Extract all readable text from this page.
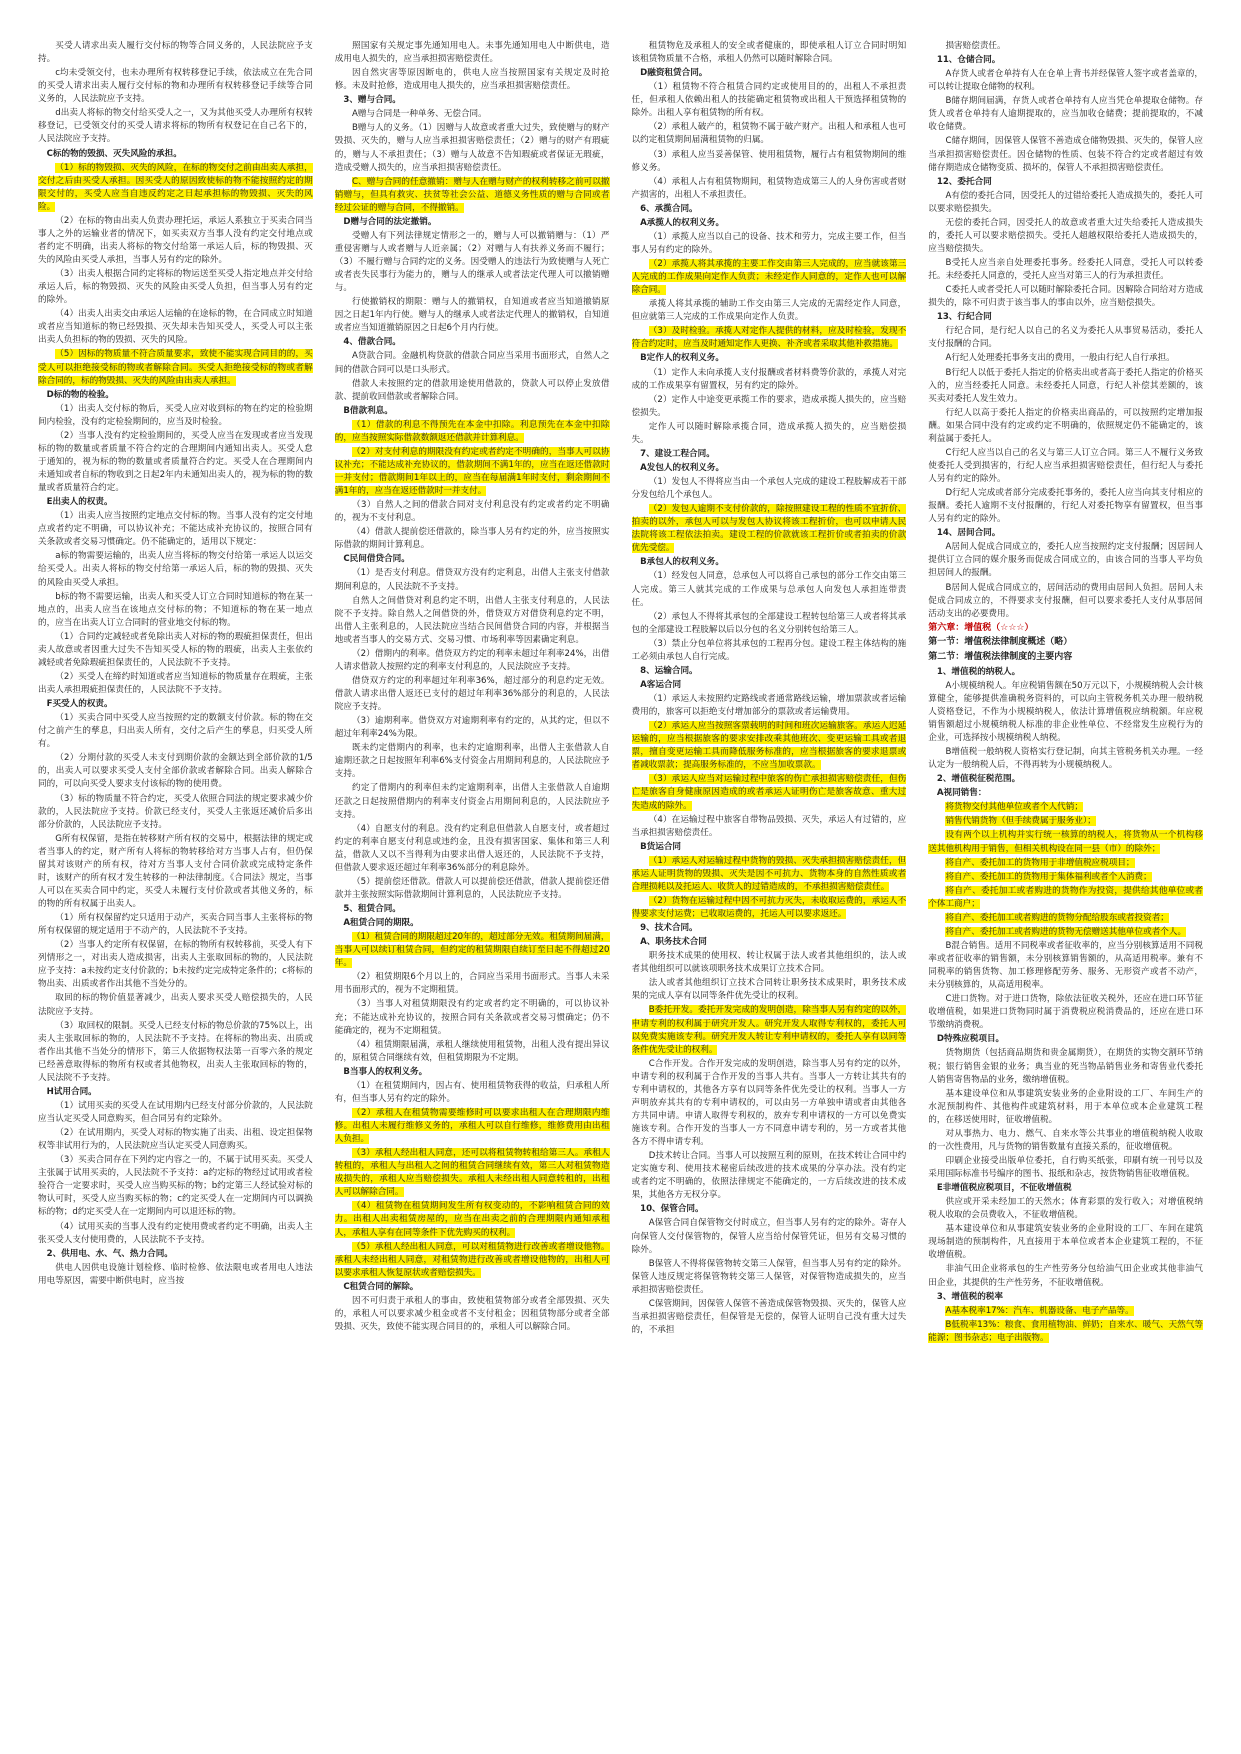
买受人请求出卖人履行交付标的物等合同义务的，人民法院应予支持。

c均未受领交付，也未办理所有权转移登记手续，依法成立在先合同的买受人请求出卖人履行交付标的物和办理所有权转移登记手续等合同义务的，人民法院应予支持。

d出卖人将标的物交付给买受人之一，又为其他买受人办理所有权转移登记，已受领交付的买受人请求将标的物所有权登记在自己名下的，人民法院应予支持。

C标的物的毁损、灭失风险的承担。

（1）标的物毁损、灭失的风险，在标的物交付之前由出卖人承担，交付之后由买受人承担。因买受人的原因致使标的物不能按照约定的期限交付的，买受人应当自违反约定之日起承担标的物毁损、灭失的风险。

（2）在标的物由出卖人负责办理托运，承运人系独立于买卖合同当事人之外的运输业者的情况下，如买卖双方当事人没有约定交付地点或者约定不明确，出卖人将标的物交付给第一承运人后，标的物毁损、灭失的风险由买受人承担，当事人另有约定的除外。

（3）出卖人根据合同约定将标的物运送至买受人指定地点并交付给承运人后，标的物毁损、灭失的风险由买受人负担，但当事人另有约定的除外。

（4）出卖人出卖交由承运人运输的在途标的物，在合同成立时知道或者应当知道标的物已经毁损、灭失却未告知买受人，买受人可以主张出卖人负担标的物的毁损、灭失的风险。

（5）因标的物质量不符合质量要求，致使不能实现合同目的的，买受人可以拒绝接受标的物或者解除合同。买受人拒绝接受标的物或者解除合同的，标的物毁损、灭失的风险由出卖人承担。

D标的物的检验。

（1）出卖人交付标的物后，买受人应对收到标的物在约定的检验期间内检验，没有约定检验期间的，应当及时检验。

（2）当事人没有约定检验期间的，买受人应当在发现或者应当发现标的物的数量或者质量不符合约定的合理期间内通知出卖人。买受人怠于通知的，视为标的物的数量或者质量符合约定。买受人在合理期间内未通知或者自标的物收到之日起2年内未通知出卖人的，视为标的物的数量或者质量符合约定。

E出卖人的权责。

（1）出卖人应当按照约定地点交付标的物。当事人没有约定交付地点或者约定不明确，可以协议补充；不能达成补充协议的，按照合同有关条款或者交易习惯确定。仍不能确定的，适用以下规定：

a标的物需要运输的，出卖人应当将标的物交付给第一承运人以运交给买受人。出卖人将标的物交付给第一承运人后，标的物的毁损、灭失的风险由买受人承担。

b标的物不需要运输，出卖人和买受人订立合同时知道标的物在某一地点的，出卖人应当在该地点交付标的物；不知道标的物在某一地点的，应当在出卖人订立合同时的营业地交付标的物。

（1）合同约定减轻或者免除出卖人对标的物的瑕疵担保责任，但出卖人故意或者因重大过失不告知买受人标的物的瑕疵，出卖人主张依约减轻或者免除瑕疵担保责任的，人民法院不予支持。

（2）买受人在缔约时知道或者应当知道标的物质量存在瑕疵，主张出卖人承担瑕疵担保责任的，人民法院不予支持。

F买受人的权责。

（1）买卖合同中买受人应当按照约定的数额支付价款。标的物在交付之前产生的孳息，归出卖人所有，交付之后产生的孳息，归买受人所有。

（2）分期付款的买受人未支付到期价款的金额达到全部价款的1/5的，出卖人可以要求买受人支付全部价款或者解除合同。出卖人解除合同的，可以向买受人要求支付该标的物的使用费。

（3）标的物质量不符合约定，买受人依照合同法的规定要求减少价款的，人民法院应予支持。价款已经支付，买受人主张返还减价后多出部分价款的，人民法院应予支持。

G所有权保留，是指在转移财产所有权的交易中，根据法律的规定或者当事人的约定，财产所有人将标的物转移给对方当事人占有，但仍保留其对该财产的所有权，待对方当事人支付合同价款或完成特定条件时，该财产的所有权才发生转移的一种法律制度。《合同法》规定，当事人可以在买卖合同中约定，买受人未履行支付价款或者其他义务的，标的物的所有权属于出卖人。

（1）所有权保留约定只适用于动产，买卖合同当事人主张将标的物所有权保留的规定适用于不动产的，人民法院不予支持。

（2）当事人约定所有权保留，在标的物所有权转移前，买受人有下列情形之一，对出卖人造成损害，出卖人主张取回标的物的，人民法院应予支持：a未按约定支付价款的；b未按约定完成特定条件的；c将标的物出卖、出质或者作出其他不当处分的。

取回的标的物价值显著减少，出卖人要求买受人赔偿损失的，人民法院应予支持。

（3）取回权的限制。买受人已经支付标的物总价款的75%以上，出卖人主张取回标的物的，人民法院不予支持。在将标的物出卖、出质或者作出其他不当处分的情形下，第三人依据物权法第一百零六条的规定已经善意取得标的物所有权或者其他物权，出卖人主张取回标的物的，人民法院不予支持。

H试用合同。

（1）试用买卖的买受人在试用期内已经支付部分价款的，人民法院应当认定买受人同意购买，但合同另有约定除外。

（2）在试用期内，买受人对标的物实施了出卖、出租、设定担保物权等非试用行为的，人民法院应当认定买受人同意购买。

（3）买卖合同存在下列约定内容之一的，不属于试用买卖。买受人主张属于试用买卖的，人民法院不予支持：a约定标的物经过试用或者检验符合一定要求时，买受人应当购买标的物；b约定第三人经试验对标的物认可时，买受人应当购买标的物；c约定买受人在一定期间内可以调换标的物；d约定买受人在一定期间内可以退还标的物。

（4）试用买卖的当事人没有约定使用费或者约定不明确，出卖人主张买受人支付使用费的，人民法院不予支持。

2、供用电、水、气、热力合同。

供电人因供电设施计划检修、临时检修、依法限电或者用电人违法用电等原因，需要中断供电时，应当按

照国家有关规定事先通知用电人。未事先通知用电人中断供电，造成用电人损失的，应当承担损害赔偿责任。

因自然灾害等原因断电的，供电人应当按照国家有关规定及时抢修。未及时抢修，造成用电人损失的，应当承担损害赔偿责任。

3、赠与合同。

A赠与合同是一种单务、无偿合同。

B赠与人的义务。（1）因赠与人故意或者重大过失，致使赠与的财产毁损、灭失的，赠与人应当承担损害赔偿责任；（2）赠与的财产有瑕疵的，赠与人不承担责任；（3）赠与人故意不告知瑕疵或者保证无瑕疵，造成受赠人损失的，应当承担损害赔偿责任。

C、赠与合同的任意撤销：赠与人在赠与财产的权利转移之前可以撤销赠与，但具有救灾、扶贫等社会公益、道德义务性质的赠与合同或者经过公证的赠与合同，不得撤销。

D赠与合同的法定撤销。

受赠人有下列法律规定情形之一的，赠与人可以撤销赠与：（1）严重侵害赠与人或者赠与人近亲属；（2）对赠与人有扶养义务而不履行；（3）不履行赠与合同约定的义务。因受赠人的违法行为致使赠与人死亡或者丧失民事行为能力的，赠与人的继承人或者法定代理人可以撤销赠与。

行使撤销权的期限：赠与人的撤销权，自知道或者应当知道撤销原因之日起1年内行使。赠与人的继承人或者法定代理人的撤销权，自知道或者应当知道撤销原因之日起6个月内行使。

4、借款合同。

A贷款合同。金融机构贷款的借款合同应当采用书面形式，自然人之间的借款合同可以是口头形式。

借款人未按照约定的借款用途使用借款的，贷款人可以停止发放借款、提前收回借款或者解除合同。

B借款利息。

（1）借款的利息不得预先在本金中扣除。利息预先在本金中扣除的，应当按照实际借款数额返还借款并计算利息。

（2）对支付利息的期限没有约定或者约定不明确的，当事人可以协议补充；不能达成补充协议的，借款期间不满1年的，应当在返还借款时一并支付；借款期间1年以上的，应当在每届满1年时支付，剩余期间不满1年的，应当在返还借款时一并支付。

（3）自然人之间的借款合同对支付利息没有约定或者约定不明确的，视为不支付利息。

（4）借款人提前偿还借款的，除当事人另有约定的外，应当按照实际借款的期间计算利息。

C民间借贷合同。

（1）是否支付利息。借贷双方没有约定利息，出借人主张支付借款期间利息的，人民法院不予支持。

自然人之间借贷对利息约定不明，出借人主张支付利息的，人民法院不予支持。除自然人之间借贷的外，借贷双方对借贷利息约定不明，出借人主张利息的，人民法院应当结合民间借贷合同的内容，并根据当地或者当事人的交易方式、交易习惯、市场利率等因素确定利息。

（2）借期内的利率。借贷双方约定的利率未超过年利率24%，出借人请求借款人按照约定的利率支付利息的，人民法院应予支持。

借贷双方约定的利率超过年利率36%，超过部分的利息约定无效。借款人请求出借人返还已支付的超过年利率36%部分的利息的，人民法院应予支持。

（3）逾期利率。借贷双方对逾期利率有约定的，从其约定，但以不超过年利率24%为限。

既未约定借期内的利率，也未约定逾期利率，出借人主张借款人自逾期还款之日起按照年利率6%支付资金占用期间利息的，人民法院应予支持。

约定了借期内的利率但未约定逾期利率，出借人主张借款人自逾期还款之日起按照借期内的利率支付资金占用期间利息的，人民法院应予支持。

（4）自愿支付的利息。没有约定利息但借款人自愿支付，或者超过约定的利率自愿支付利息或违约金，且没有损害国家、集体和第三人利益，借款人又以不当得利为由要求出借人返还的，人民法院不予支持，但借款人要求返还超过年利率36%部分的利息除外。

（5）提前偿还借款。借款人可以提前偿还借款，借款人提前偿还借款并主张按照实际借款期间计算利息的，人民法院应予支持。

5、租赁合同。

A租赁合同的期限。

（1）租赁合同的期限超过20年的，超过部分无效。租赁期间届满，当事人可以续订租赁合同，但约定的租赁期限自续订至日起不得超过20年。

（2）租赁期限6个月以上的，合同应当采用书面形式。当事人未采用书面形式的，视为不定期租赁。

（3）当事人对租赁期限没有约定或者约定不明确的，可以协议补充；不能达成补充协议的，按照合同有关条款或者交易习惯确定；仍不能确定的，视为不定期租赁。

（4）租赁期限届满，承租人继续使用租赁物，出租人没有提出异议的，原租赁合同继续有效，但租赁期限为不定期。

B当事人的权利义务。

（1）在租赁期间内，因占有、使用租赁物获得的收益，归承租人所有，但当事人另有约定的除外。

（2）承租人在租赁物需要维修时可以要求出租人在合理期限内维修。出租人未履行维修义务的，承租人可以自行维修，维修费用由出租人负担。

（3）承租人经出租人同意，还可以将租赁物转租给第三人。承租人转租的，承租人与出租人之间的租赁合同继续有效，第三人对租赁物造成损失的，承租人应当赔偿损失。承租人未经出租人同意转租的，出租人可以解除合同。

（4）租赁物在租赁期间发生所有权变动的，不影响租赁合同的效力。出租人出卖租赁房屋的，应当在出卖之前的合理期限内通知承租人，承租人享有在同等条件下优先购买的权利。

（5）承租人经出租人同意，可以对租赁物进行改善或者增设他物。承租人未经出租人同意，对租赁物进行改善或者增设他物的，出租人可以要求承租人恢复原状或者赔偿损失。

C租赁合同的解除。

因不可归责于承租人的事由，致使租赁物部分或者全部毁损、灭失的，承租人可以要求减少租金或者不支付租金；因租赁物部分或者全部毁损、灭失，致使不能实现合同目的的，承租人可以解除合同。

租赁物危及承租人的安全或者健康的，即使承租人订立合同时明知该租赁物质量不合格，承租人仍然可以随时解除合同。

D融资租赁合同。

（1）租赁物不符合租赁合同约定或使用目的的，出租人不承担责任，但承租人依赖出租人的技能确定租赁物或出租人干预选择租赁物的除外。出租人享有租赁物的所有权。

（2）承租人破产的，租赁物不属于破产财产。出租人和承租人也可以约定租赁期间届满租赁物的归属。

（3）承租人应当妥善保管、使用租赁物，履行占有租赁物期间的维修义务。

（4）承租人占有租赁物期间，租赁物造成第三人的人身伤害或者财产损害的，出租人不承担责任。

6、承揽合同。

A承揽人的权利义务。

（1）承揽人应当以自己的设备、技术和劳力，完成主要工作，但当事人另有约定的除外。

（2）承揽人将其承揽的主要工作交由第三人完成的，应当就该第三人完成的工作成果向定作人负责；未经定作人同意的，定作人也可以解除合同。

承揽人将其承揽的辅助工作交由第三人完成的无需经定作人同意，但应就第三人完成的工作成果向定作人负责。

（3）及时检验。承揽人对定作人提供的材料，应及时检验，发现不符合约定时，应当及时通知定作人更换、补齐或者采取其他补救措施。

B定作人的权利义务。

（1）定作人未向承揽人支付报酬或者材料费等价款的，承揽人对完成的工作成果享有留置权，另有约定的除外。

（2）定作人中途变更承揽工作的要求，造成承揽人损失的，应当赔偿损失。

定作人可以随时解除承揽合同，造成承揽人损失的，应当赔偿损失。

7、建设工程合同。

A发包人的权利义务。

（1）发包人不得将应当由一个承包人完成的建设工程肢解成若干部分发包给几个承包人。

（2）发包人逾期不支付价款的，除按照建设工程的性质不宜折价、拍卖的以外，承包人可以与发包人协议将该工程折价，也可以申请人民法院将该工程依法拍卖。建设工程的价款就该工程折价或者拍卖的价款优先受偿。

B承包人的权利义务。

（1）经发包人同意，总承包人可以将自己承包的部分工作交由第三人完成。第三人就其完成的工作成果与总承包人向发包人承担连带责任。

（2）承包人不得将其承包的全部建设工程转包给第三人或者将其承包的全部建设工程肢解以后以分包的名义分别转包给第三人。

（3）禁止分包单位将其承包的工程再分包。建设工程主体结构的施工必须由承包人自行完成。

8、运输合同。

A客运合同

（1）承运人未按照约定路线或者通常路线运输，增加票款或者运输费用的，旅客可以拒绝支付增加部分的票款或者运输费用。

（2）承运人应当按照客票载明的时间和班次运输旅客。承运人迟延运输的，应当根据旅客的要求安排改乘其他班次、变更运输工具或者退票，擅自变更运输工具而降低服务标准的，应当根据旅客的要求退票或者减收票款；提高服务标准的，不应当加收票款。

（3）承运人应当对运输过程中旅客的伤亡承担损害赔偿责任，但伤亡是旅客自身健康原因造成的或者承运人证明伤亡是旅客故意、重大过失造成的除外。

（4）在运输过程中旅客自带物品毁损、灭失，承运人有过错的，应当承担损害赔偿责任。

B货运合同

（1）承运人对运输过程中货物的毁损、灭失承担损害赔偿责任，但承运人证明货物的毁损、灭失是因不可抗力、货物本身的自然性质或者合理损耗以及托运人、收货人的过错造成的，不承担损害赔偿责任。

（2）货物在运输过程中因不可抗力灭失，未收取运费的，承运人不得要求支付运费；已收取运费的，托运人可以要求返还。

9、技术合同。

A、职务技术合同

职务技术成果的使用权、转让权属于法人或者其他组织的，法人或者其他组织可以就该项职务技术成果订立技术合同。

法人或者其他组织订立技术合同转让职务技术成果时，职务技术成果的完成人享有以同等条件优先受让的权利。

B委托开发。委托开发完成的发明创造，除当事人另有约定的以外，申请专利的权利属于研究开发人。研究开发人取得专利权的，委托人可以免费实施该专利。研究开发人转让专利申请权的，委托人享有以同等条件优先受让的权利。

C合作开发。合作开发完成的发明创造，除当事人另有约定的以外，申请专利的权利属于合作开发的当事人共有。当事人一方转让其共有的专利申请权的，其他各方享有以同等条件优先受让的权利。当事人一方声明放弃其共有的专利申请权的，可以由另一方单独申请或者由其他各方共同申请。申请人取得专利权的，放弃专利申请权的一方可以免费实施该专利。合作开发的当事人一方不同意申请专利的，另一方或者其他各方不得申请专利。

D技术转让合同。当事人可以按照互利的原则，在技术转让合同中约定实施专利、使用技术秘密后续改进的技术成果的分享办法。没有约定或者约定不明确的，依照法律规定不能确定的，一方后续改进的技术成果，其他各方无权分享。

10、保管合同。

A保管合同自保管物交付时成立，但当事人另有约定的除外。寄存人向保管人交付保管物的，保管人应当给付保管凭证，但另有交易习惯的除外。

B保管人不得将保管物转交第三人保管，但当事人另有约定的除外。保管人违反规定将保管物转交第三人保管，对保管物造成损失的，应当承担损害赔偿责任。

C保管期间，因保管人保管不善造成保管物毁损、灭失的，保管人应当承担损害赔偿责任，但保管是无偿的，保管人证明自己没有重大过失的，不承担

损害赔偿责任。

11、仓储合同。

A存货人或者仓单持有人在仓单上背书并经保管人签字或者盖章的，可以转让提取仓储物的权利。

B储存期间届满，存货人或者仓单持有人应当凭仓单提取仓储物。存货人或者仓单持有人逾期提取的，应当加收仓储费；提前提取的，不减收仓储费。

C储存期间，因保管人保管不善造成仓储物毁损、灭失的，保管人应当承担损害赔偿责任。因仓储物的性质、包装不符合约定或者超过有效储存期造成仓储物变质、损坏的，保管人不承担损害赔偿责任。

12、委托合同

A有偿的委托合同，因受托人的过错给委托人造成损失的，委托人可以要求赔偿损失。

无偿的委托合同，因受托人的故意或者重大过失给委托人造成损失的，委托人可以要求赔偿损失。受托人超越权限给委托人造成损失的，应当赔偿损失。

B受托人应当亲自处理委托事务。经委托人同意，受托人可以转委托。未经委托人同意的，受托人应当对第三人的行为承担责任。

C委托人或者受托人可以随时解除委托合同。因解除合同给对方造成损失的，除不可归责于该当事人的事由以外，应当赔偿损失。

13、行纪合同

行纪合同，是行纪人以自己的名义为委托人从事贸易活动，委托人支付报酬的合同。

A行纪人处理委托事务支出的费用，一般由行纪人自行承担。

B行纪人以低于委托人指定的价格卖出或者高于委托人指定的价格买入的，应当经委托人同意。未经委托人同意，行纪人补偿其差额的，该买卖对委托人发生效力。

行纪人以高于委托人指定的价格卖出商品的，可以按照约定增加报酬。如果合同中没有约定或约定不明确的，依照规定仍不能确定的，该利益属于委托人。

C行纪人应当以自己的名义与第三人订立合同。第三人不履行义务致使委托人受到损害的，行纪人应当承担损害赔偿责任，但行纪人与委托人另有约定的除外。

D行纪人完成或者部分完成委托事务的，委托人应当向其支付相应的报酬。委托人逾期不支付报酬的，行纪人对委托物享有留置权，但当事人另有约定的除外。

14、居间合同。

A居间人促成合同成立的，委托人应当按照约定支付报酬；因居间人提供订立合同的媒介服务而促成合同成立的，由该合同的当事人平均负担居间人的报酬。

B居间人促成合同成立的，居间活动的费用由居间人负担。居间人未促成合同成立的，不得要求支付报酬，但可以要求委托人支付从事居间活动支出的必要费用。

第六章：增值税（☆☆☆）

第一节：增值税法律制度概述（略）

第二节：增值税法律制度的主要内容

1、增值税的纳税人。

A小规模纳税人。年应税销售额在50万元以下，小规模纳税人会计核算健全，能够提供准确税务资料的，可以向主管税务机关办理一般纳税人资格登记，不作为小规模纳税人，依法计算增值税应纳税额。年应税销售额超过小规模纳税人标准的非企业性单位、不经常发生应税行为的企业，可选择按小规模纳税人纳税。

B增值税一般纳税人资格实行登记制，向其主管税务机关办理。一经认定为一般纳税人后，不得再转为小规模纳税人。

2、增值税征税范围。

A视同销售：

将货物交付其他单位或者个人代销；

销售代销货物（但手续费属于服务业）；

设有两个以上机构并实行统一核算的纳税人，将货物从一个机构移送其他机构用于销售，但相关机构设在同一县（市）的除外；

将自产、委托加工的货物用于非增值税应税项目；

将自产、委托加工的货物用于集体福利或者个人消费；

将自产、委托加工或者购进的货物作为投资，提供给其他单位或者个体工商户；

将自产、委托加工或者购进的货物分配给股东或者投资者；

将自产、委托加工或者购进的货物无偿赠送其他单位或者个人。

B混合销售。适用不同税率或者征收率的，应当分别核算适用不同税率或者征收率的销售额，未分别核算销售额的，从高适用税率。兼有不同税率的销售货物、加工修理修配劳务、服务、无形资产或者不动产，未分别核算的，从高适用税率。

C进口货物。对于进口货物，除依法征收关税外，还应在进口环节征收增值税，如果进口货物同时属于消费税应税消费品的，还应在进口环节缴纳消费税。

D特殊应税项目。

货物期货（包括商品期货和贵金属期货），在期货的实物交割环节纳税；银行销售金银的业务；典当业的死当物品销售业务和寄售业代委托人销售寄售物品的业务，缴纳增值税。

基本建设单位和从事建筑安装业务的企业附设的工厂、车间生产的水泥预制构件、其他构件或建筑材料，用于本单位或本企业建筑工程的，在移送使用时，征收增值税。

对从事热力、电力、燃气、自来水等公共事业的增值税纳税人收取的一次性费用，凡与货物的销售数量有直接关系的，征收增值税。

印刷企业接受出版单位委托，自行购买纸张，印刷有统一刊号以及采用国际标准书号编序的图书、报纸和杂志，按货物销售征收增值税。

E非增值税应税项目，不征收增值税

供应或开采未经加工的天然水；体育彩票的发行收入；对增值税纳税人收取的会员费收入，不征收增值税。

基本建设单位和从事建筑安装业务的企业附设的工厂、车间在建筑现场制造的预制构件，凡直接用于本单位或者本企业建筑工程的，不征收增值税。

非油气田企业将承包的生产性劳务分包给油气田企业或其他非油气田企业，其提供的生产性劳务，不征收增值税。

3、增值税的税率

A基本税率17%：汽车、机器设备、电子产品等。

B低税率13%：粮食、食用植物油、鲜奶；自来水、暖气、天然气等能源；图书杂志；电子出版物。
